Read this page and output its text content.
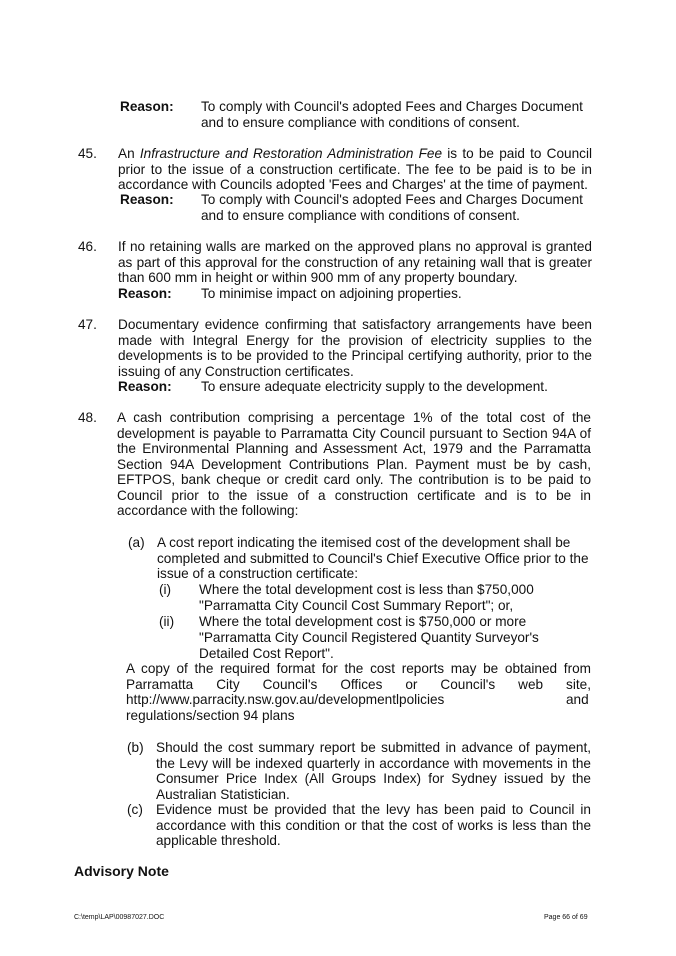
Reason: To comply with Council's adopted Fees and Charges Document and to ensure compliance with conditions of consent.
45. An Infrastructure and Restoration Administration Fee is to be paid to Council prior to the issue of a construction certificate. The fee to be paid is to be in accordance with Councils adopted 'Fees and Charges' at the time of payment.
Reason: To comply with Council's adopted Fees and Charges Document and to ensure compliance with conditions of consent.
46. If no retaining walls are marked on the approved plans no approval is granted as part of this approval for the construction of any retaining wall that is greater than 600 mm in height or within 900 mm of any property boundary.
Reason: To minimise impact on adjoining properties.
47. Documentary evidence confirming that satisfactory arrangements have been made with Integral Energy for the provision of electricity supplies to the developments is to be provided to the Principal certifying authority, prior to the issuing of any Construction certificates.
Reason: To ensure adequate electricity supply to the development.
48. A cash contribution comprising a percentage 1% of the total cost of the development is payable to Parramatta City Council pursuant to Section 94A of the Environmental Planning and Assessment Act, 1979 and the Parramatta Section 94A Development Contributions Plan. Payment must be by cash, EFTPOS, bank cheque or credit card only. The contribution is to be paid to Council prior to the issue of a construction certificate and is to be in accordance with the following:
(a) A cost report indicating the itemised cost of the development shall be completed and submitted to Council's Chief Executive Office prior to the issue of a construction certificate:
(i) Where the total development cost is less than $750,000
"Parramatta City Council Cost Summary Report"; or,
(ii) Where the total development cost is $750,000 or more
"Parramatta City Council Registered Quantity Surveyor's
Detailed Cost Report".
A copy of the required format for the cost reports may be obtained from Parramatta City Council's Offices or Council's web site,
http://www.parracity.nsw.gov.au/developmentlpolicies	and
regulations/section 94 plans
(b) Should the cost summary report be submitted in advance of payment, the Levy will be indexed quarterly in accordance with movements in the Consumer Price Index (All Groups Index) for Sydney issued by the Australian Statistician.
(c) Evidence must be provided that the levy has been paid to Council in accordance with this condition or that the cost of works is less than the applicable threshold.
Advisory Note
C:\temp\LAP\00987027.DOC	Page 66 of 69
